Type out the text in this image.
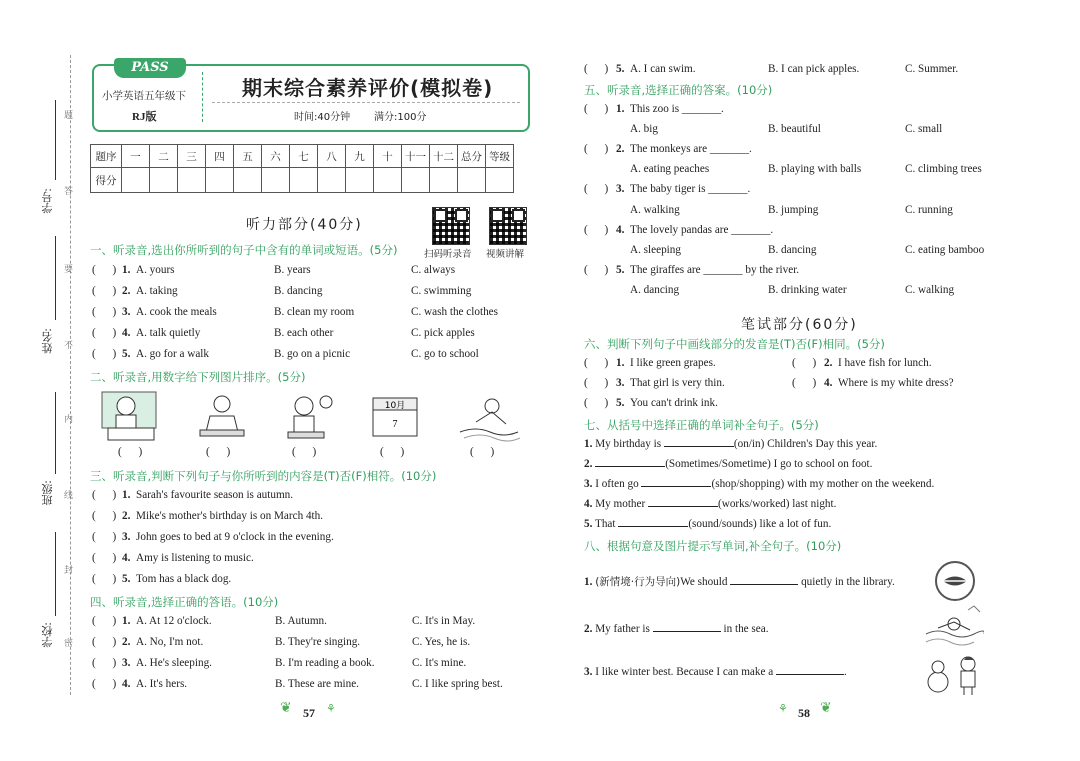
学号:
姓名:
班级:
学校:
题
答
要
不
内
线
封
密
PASS
小学英语五年级下
RJ版
期末综合素养评价(模拟卷)
时间:40分钟 满分:100分
题序	一	二	三	四	五	六	七	八	九	十	十一	十二	总分	等级
得分														
听力部分(40分)
扫码听录音 视频讲解
一、听录音,选出你所听到的句子中含有的单词或短语。(5分)
(      ) 1. A. yours	B. years	C. always
(      ) 2. A. taking	B. dancing	C. swimming
(      ) 3. A. cook the meals	B. clean my room	C. wash the clothes
(      ) 4. A. talk quietly	B. each other	C. pick apples
(      ) 5. A. go for a walk	B. go on a picnic	C. go to school
二、听录音,用数字给下列图片排序。(5分)
10月
7
(      )	(      )	(      )	(      )	(      )
三、听录音,判断下列句子与你所听到的内容是(T)否(F)相符。(10分)
(      ) 1. Sarah's favourite season is autumn.
(      ) 2. Mike's mother's birthday is on March 4th.
(      ) 3. John goes to bed at 9 o'clock in the evening.
(      ) 4. Amy is listening to music.
(      ) 5. Tom has a black dog.
四、听录音,选择正确的答语。(10分)
(      ) 1. A. At 12 o'clock.	B. Autumn.	C. It's in May.
(      ) 2. A. No, I'm not.	B. They're singing.	C. Yes, he is.
(      ) 3. A. He's sleeping.	B. I'm reading a book.	C. It's mine.
(      ) 4. A. It's hers.	B. These are mine.	C. I like spring best.
❦ 57 ⚘
(      ) 5. A. I can swim.	B. I can pick apples.	C. Summer.
五、听录音,选择正确的答案。(10分)
(      ) 1. This zoo is _______.
A. big	B. beautiful	C. small
(      ) 2. The monkeys are _______.
A. eating peaches	B. playing with balls	C. climbing trees
(      ) 3. The baby tiger is _______.
A. walking	B. jumping	C. running
(      ) 4. The lovely pandas are _______.
A. sleeping	B. dancing	C. eating bamboo
(      ) 5. The giraffes are _______ by the river.
A. dancing	B. drinking water	C. walking
笔试部分(60分)
六、判断下列句子中画线部分的发音是(T)否(F)相同。(5分)
(      ) 1. I like green grapes.	(      ) 2. I have fish for lunch.
(      ) 3. That girl is very thin.	(      ) 4. Where is my white dress?
(      ) 5. You can't drink ink.
七、从括号中选择正确的单词补全句子。(5分)
1. My birthday is	(on/in) Children's Day this year.
2.	(Sometimes/Sometime) I go to school on foot.
3. I often go	(shop/shopping) with my mother on the weekend.
4. My mother	(works/worked) last night.
5. That	(sound/sounds) like a lot of fun.
八、根据句意及图片提示写单词,补全句子。(10分)
1. (新情境·行为导向)We should	quietly in the library.
2. My father is	in the sea.
3. I like winter best. Because I can make a	.
⚘ 58 ❦
